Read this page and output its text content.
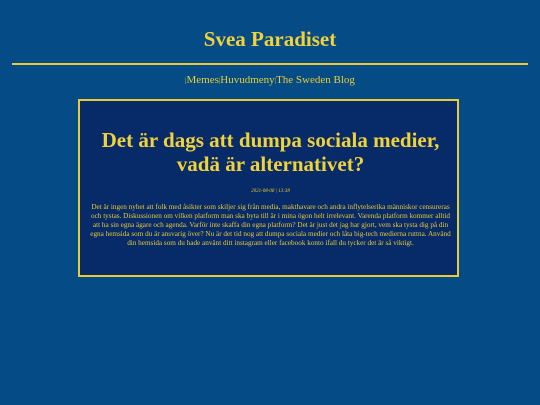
Svea Paradiset
|Memes|Huvudmeny|The Sweden Blog
Det är dags att dumpa sociala medier,
vadä är alternativet?
2021-08-08 | 13:38

Det är ingen nyhet att folk med åsikter som skiljer sig från media, makthavare och andra inflytelserika människor censureras och tystas. Diskussionen om vilken platform man ska byta till är i mina ögon helt irrelevant. Varenda platform kommer alltid att ha sin egna ägare och agenda. Varför inte skaffa din egna platform? Det är just det jag har gjort, vem ska tysta dig på din egna hemsida som du är ansvarig över? Nu är det tid nog att dumpa sociala medier och låta big-tech medierna ruttna. Använd din hemsida som du hade använt ditt instagram eller facebook konto ifall du tycker det är så viktigt.
